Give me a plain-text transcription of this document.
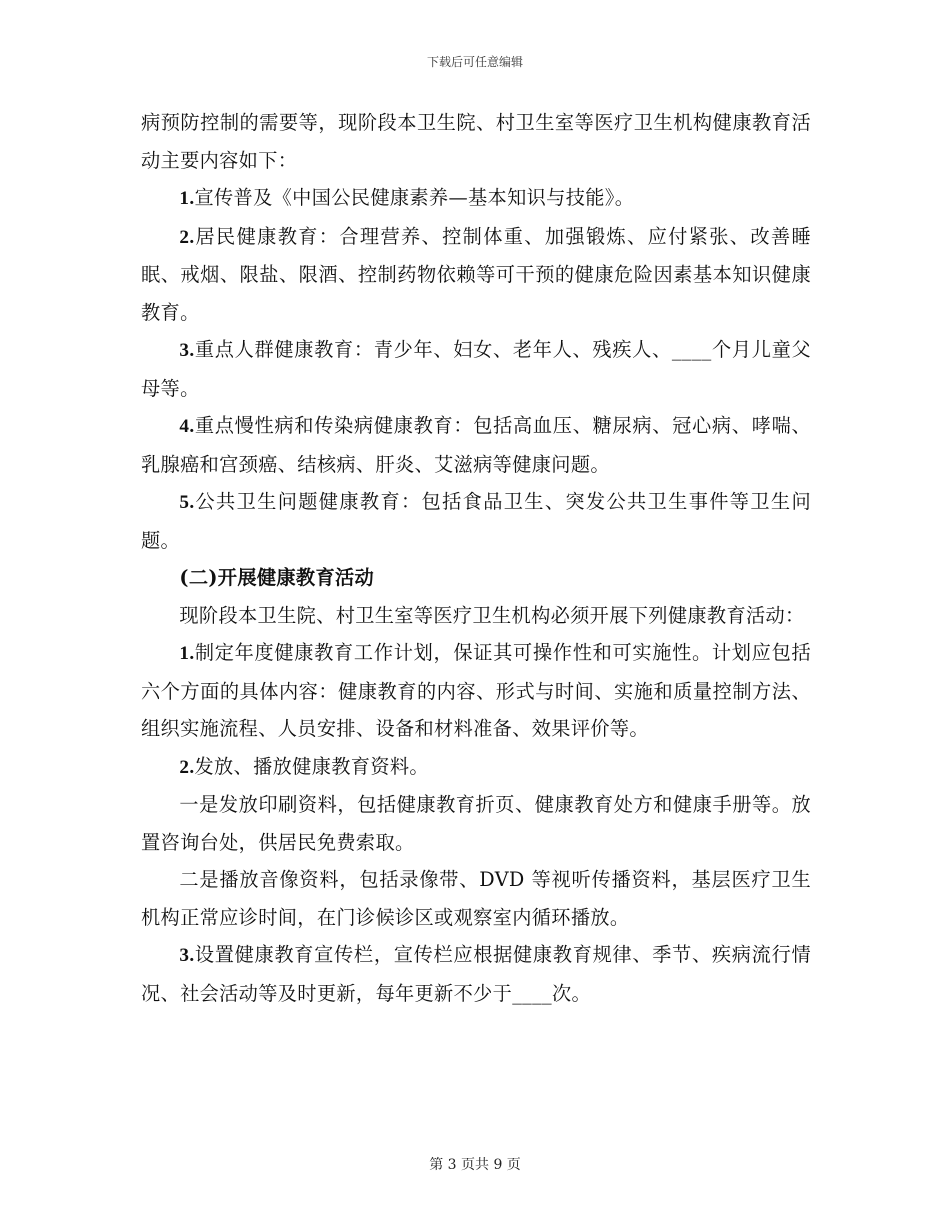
下载后可任意编辑

病预防控制的需要等，现阶段本卫生院、村卫生室等医疗卫生机构健康教育活动主要内容如下：

1.宣传普及《中国公民健康素养—基本知识与技能》。

2.居民健康教育：合理营养、控制体重、加强锻炼、应付紧张、改善睡眠、戒烟、限盐、限酒、控制药物依赖等可干预的健康危险因素基本知识健康教育。

3.重点人群健康教育：青少年、妇女、老年人、残疾人、____个月儿童父母等。

4.重点慢性病和传染病健康教育：包括高血压、糖尿病、冠心病、哮喘、乳腺癌和宫颈癌、结核病、肝炎、艾滋病等健康问题。

5.公共卫生问题健康教育：包括食品卫生、突发公共卫生事件等卫生问题。

(二)开展健康教育活动

现阶段本卫生院、村卫生室等医疗卫生机构必须开展下列健康教育活动：

1.制定年度健康教育工作计划，保证其可操作性和可实施性。计划应包括六个方面的具体内容：健康教育的内容、形式与时间、实施和质量控制方法、组织实施流程、人员安排、设备和材料准备、效果评价等。

2.发放、播放健康教育资料。

一是发放印刷资料，包括健康教育折页、健康教育处方和健康手册等。放置咨询台处，供居民免费索取。

二是播放音像资料，包括录像带、DVD 等视听传播资料，基层医疗卫生机构正常应诊时间，在门诊候诊区或观察室内循环播放。

3.设置健康教育宣传栏，宣传栏应根据健康教育规律、季节、疾病流行情况、社会活动等及时更新，每年更新不少于____次。

第 3 页共 9 页
